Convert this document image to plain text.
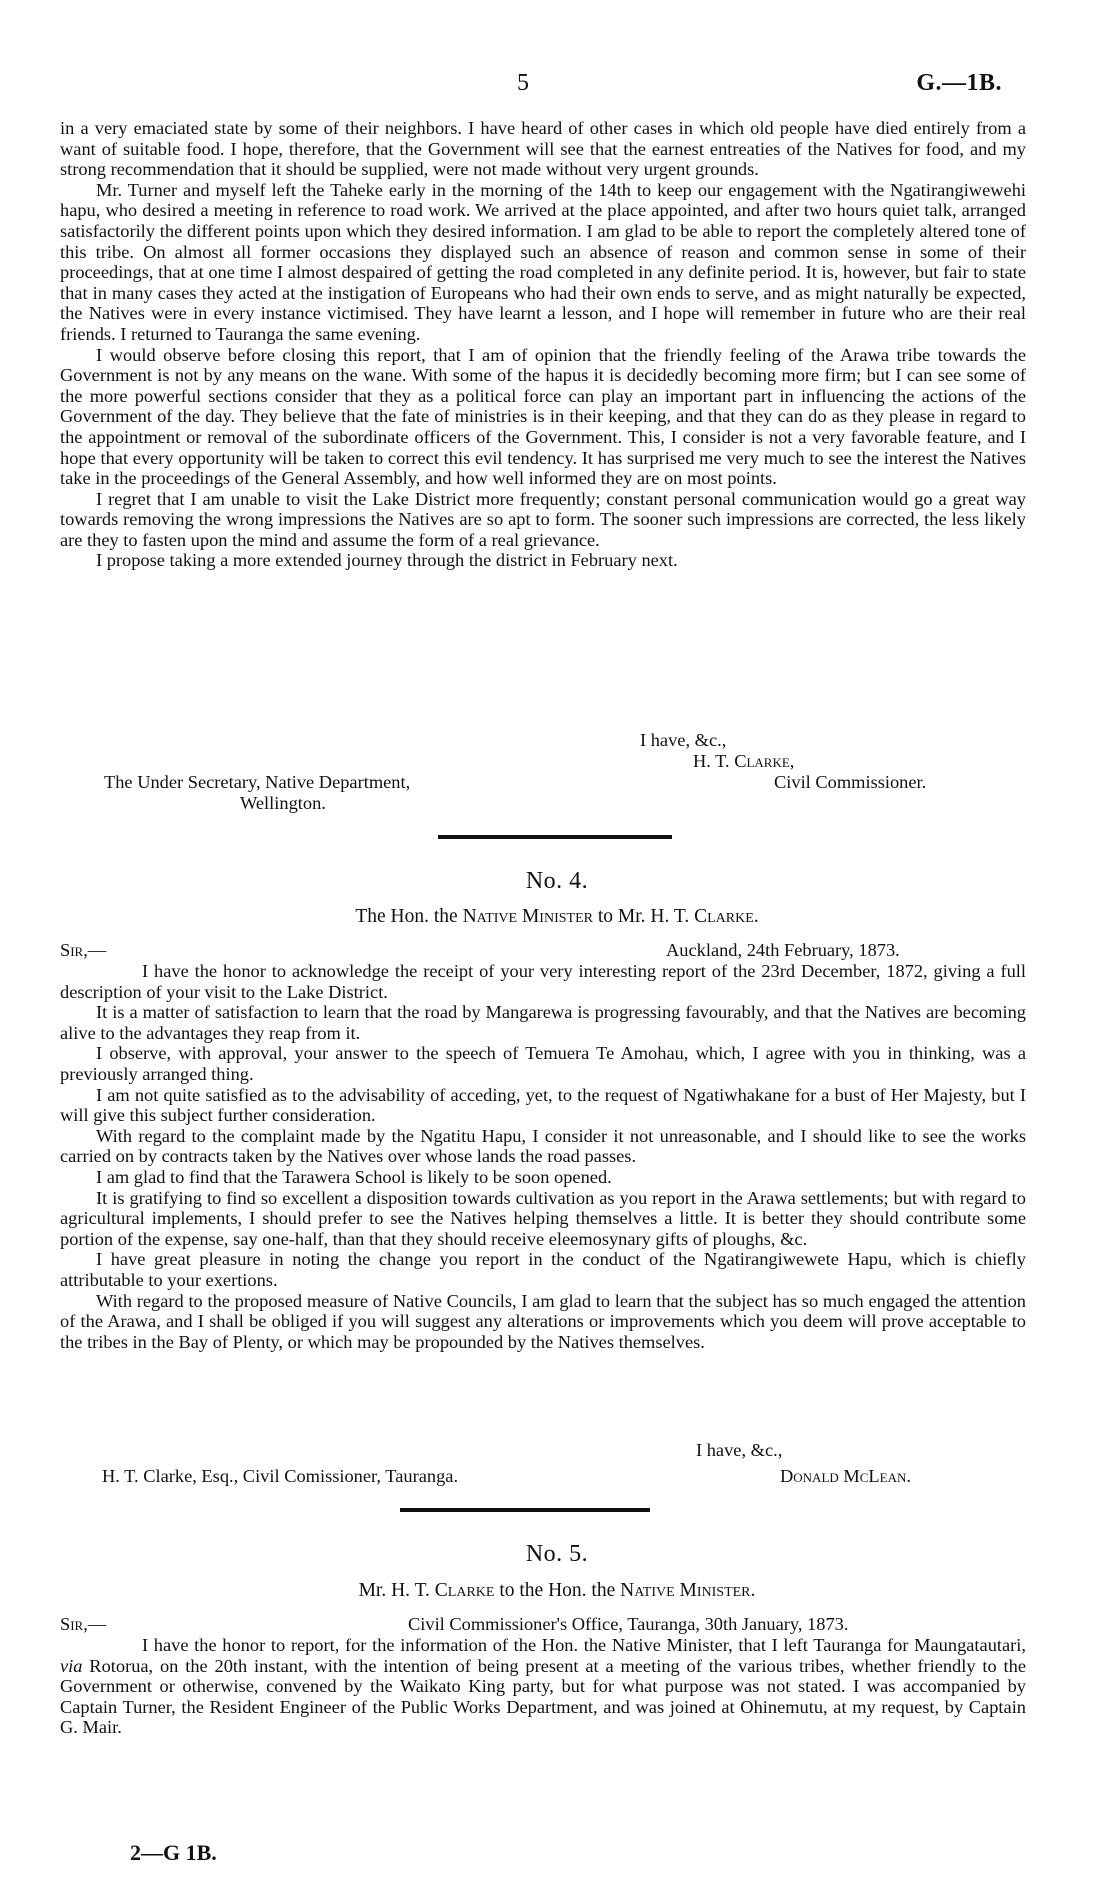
5	G.—1B.

in a very emaciated state by some of their neighbors. I have heard of other cases in which old people have died entirely from a want of suitable food. I hope, therefore, that the Government will see that the earnest entreaties of the Natives for food, and my strong recommendation that it should be supplied, were not made without very urgent grounds.

Mr. Turner and myself left the Taheke early in the morning of the 14th to keep our engagement with the Ngatirangiwewehi hapu, who desired a meeting in reference to road work. We arrived at the place appointed, and after two hours quiet talk, arranged satisfactorily the different points upon which they desired information. I am glad to be able to report the completely altered tone of this tribe. On almost all former occasions they displayed such an absence of reason and common sense in some of their proceedings, that at one time I almost despaired of getting the road completed in any definite period. It is, however, but fair to state that in many cases they acted at the instigation of Europeans who had their own ends to serve, and as might naturally be expected, the Natives were in every instance victimised. They have learnt a lesson, and I hope will remember in future who are their real friends. I returned to Tauranga the same evening.

I would observe before closing this report, that I am of opinion that the friendly feeling of the Arawa tribe towards the Government is not by any means on the wane. With some of the hapus it is decidedly becoming more firm; but I can see some of the more powerful sections consider that they as a political force can play an important part in influencing the actions of the Government of the day. They believe that the fate of ministries is in their keeping, and that they can do as they please in regard to the appointment or removal of the subordinate officers of the Government. This, I consider is not a very favorable feature, and I hope that every opportunity will be taken to correct this evil tendency. It has surprised me very much to see the interest the Natives take in the proceedings of the General Assembly, and how well informed they are on most points.

I regret that I am unable to visit the Lake District more frequently; constant personal communication would go a great way towards removing the wrong impressions the Natives are so apt to form. The sooner such impressions are corrected, the less likely are they to fasten upon the mind and assume the form of a real grievance.

I propose taking a more extended journey through the district in February next.

I have, &c.,
H. T. Clarke,
The Under Secretary, Native Department,	Civil Commissioner.
Wellington.
No. 4.
The Hon. the Native Minister to Mr. H. T. Clarke.
Sir,—	Auckland, 24th February, 1873.

I have the honor to acknowledge the receipt of your very interesting report of the 23rd December, 1872, giving a full description of your visit to the Lake District.

It is a matter of satisfaction to learn that the road by Mangarewa is progressing favourably, and that the Natives are becoming alive to the advantages they reap from it.

I observe, with approval, your answer to the speech of Temuera Te Amohau, which, I agree with you in thinking, was a previously arranged thing.

I am not quite satisfied as to the advisability of acceding, yet, to the request of Ngatiwhakane for a bust of Her Majesty, but I will give this subject further consideration.

With regard to the complaint made by the Ngatitu Hapu, I consider it not unreasonable, and I should like to see the works carried on by contracts taken by the Natives over whose lands the road passes.

I am glad to find that the Tarawera School is likely to be soon opened.

It is gratifying to find so excellent a disposition towards cultivation as you report in the Arawa settlements; but with regard to agricultural implements, I should prefer to see the Natives helping themselves a little. It is better they should contribute some portion of the expense, say one-half, than that they should receive eleemosynary gifts of ploughs, &c.

I have great pleasure in noting the change you report in the conduct of the Ngatirangiwewete Hapu, which is chiefly attributable to your exertions.

With regard to the proposed measure of Native Councils, I am glad to learn that the subject has so much engaged the attention of the Arawa, and I shall be obliged if you will suggest any alterations or improvements which you deem will prove acceptable to the tribes in the Bay of Plenty, or which may be propounded by the Natives themselves.

I have, &c.,
H. T. Clarke, Esq., Civil Comissioner, Tauranga.	Donald McLean.
No. 5.
Mr. H. T. Clarke to the Hon. the Native Minister.
Sir,—	Civil Commissioner's Office, Tauranga, 30th January, 1873.

I have the honor to report, for the information of the Hon. the Native Minister, that I left Tauranga for Maungatautari, via Rotorua, on the 20th instant, with the intention of being present at a meeting of the various tribes, whether friendly to the Government or otherwise, convened by the Waikato King party, but for what purpose was not stated. I was accompanied by Captain Turner, the Resident Engineer of the Public Works Department, and was joined at Ohinemutu, at my request, by Captain G. Mair.

2—G 1B.
